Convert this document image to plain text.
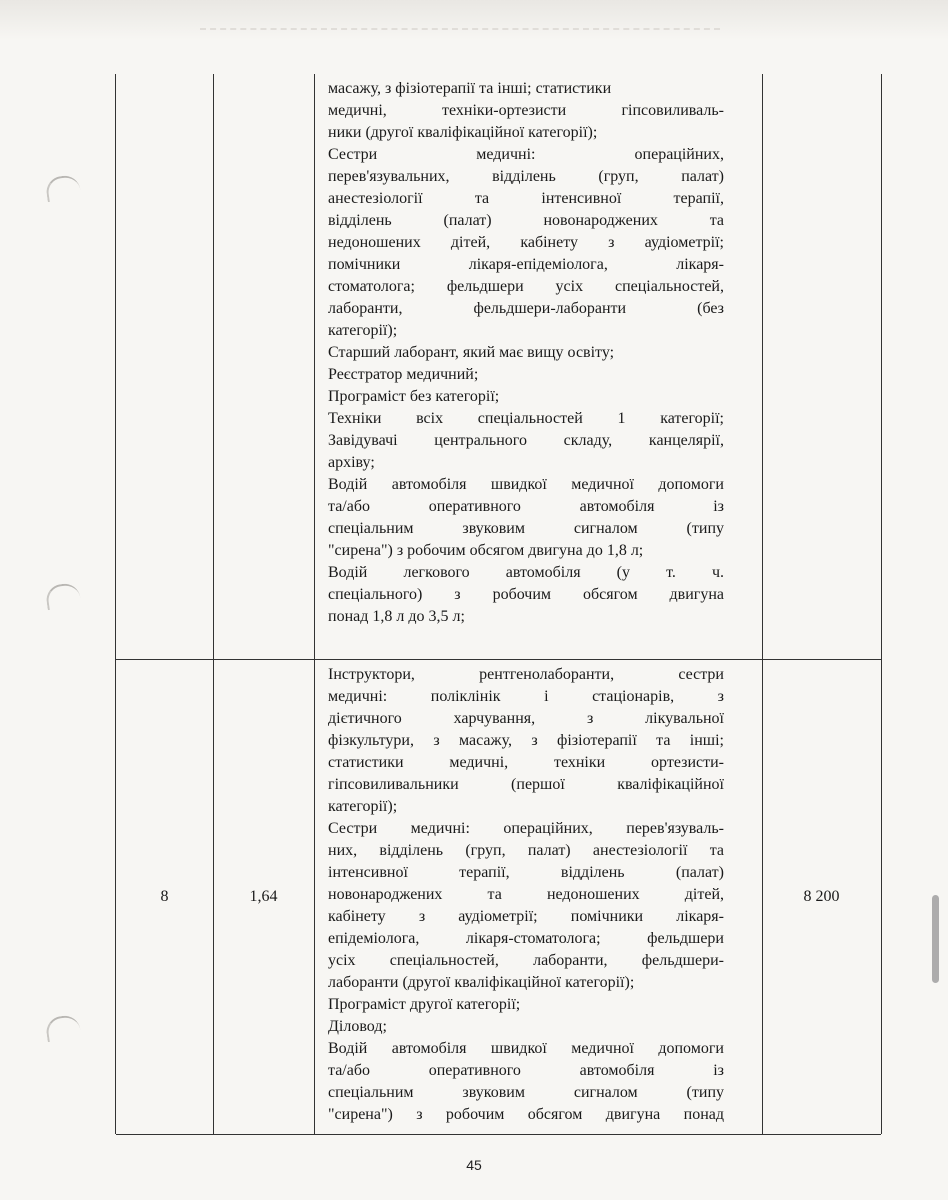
масажу, з фізіотерапії та інші; статистики
медичні, техніки-ортезисти гіпсовиливаль-
ники (другої кваліфікаційної категорії);
Сестри медичні: операційних,
перев'язувальних, відділень (груп, палат)
анестезіології та інтенсивної терапії,
відділень (палат) новонароджених та
недоношених дітей, кабінету з аудіометрії;
помічники лікаря-епідеміолога, лікаря-
стоматолога; фельдшери усіх спеціальностей,
лаборанти, фельдшери-лаборанти (без
категорії);
Старший лаборант, який має вищу освіту;
Реєстратор медичний;
Програміст без категорії;
Техніки всіх спеціальностей 1 категорії;
Завідувачі центрального складу, канцелярії,
архіву;
Водій автомобіля швидкої медичної допомоги
та/або оперативного автомобіля із
спеціальним звуковим сигналом (типу
"сирена") з робочим обсягом двигуна до 1,8 л;
Водій легкового автомобіля (у т. ч.
спеціального) з робочим обсягом двигуна
понад 1,8 л до 3,5 л;
8	1,64	8 200
Інструктори, рентгенолаборанти, сестри
медичні: поліклінік і стаціонарів, з
дієтичного харчування, з лікувальної
фізкультури, з масажу, з фізіотерапії та інші;
статистики медичні, техніки ортезисти-
гіпсовиливальники (першої кваліфікаційної
категорії);
Сестри медичні: операційних, перев'язуваль-
них, відділень (груп, палат) анестезіології та
інтенсивної терапії, відділень (палат)
новонароджених та недоношених дітей,
кабінету з аудіометрії; помічники лікаря-
епідеміолога, лікаря-стоматолога; фельдшери
усіх спеціальностей, лаборанти, фельдшери-
лаборанти (другої кваліфікаційної категорії);
Програміст другої категорії;
Діловод;
Водій автомобіля швидкої медичної допомоги
та/або оперативного автомобіля із
спеціальним звуковим сигналом (типу
"сирена") з робочим обсягом двигуна понад
45
